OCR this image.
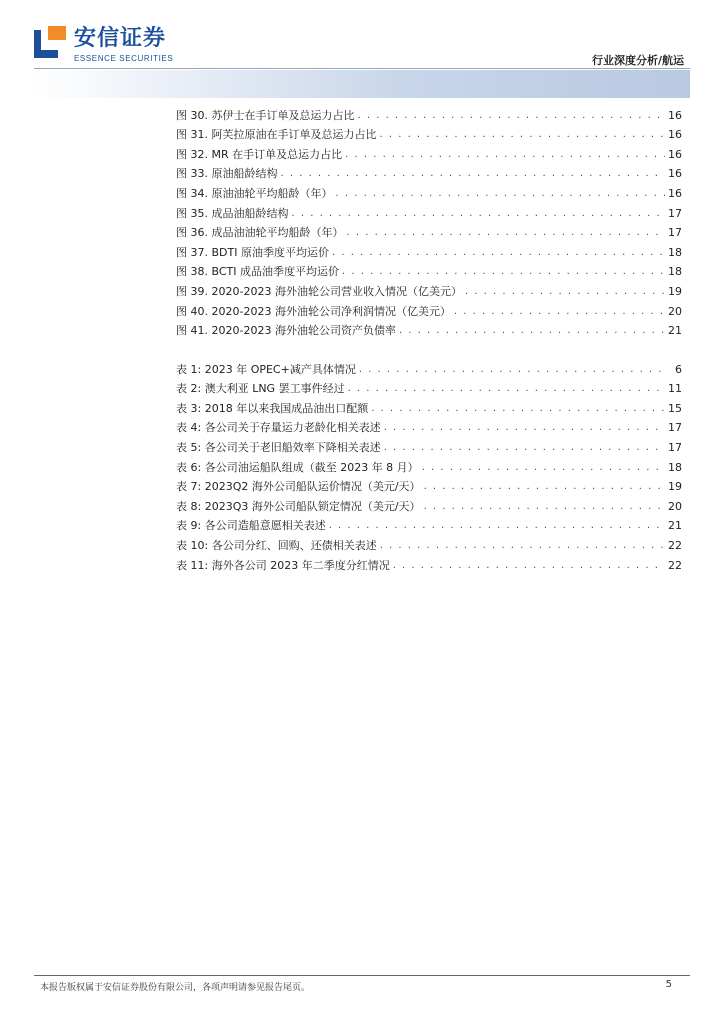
安信证券
ESSENCE SECURITIES	行业深度分析/航运
图 30. 苏伊士在手订单及总运力占比 . . .	16
图 31. 阿芙拉原油在手订单及总运力占比 . . .	16
图 32. MR 在手订单及总运力占比 . . .	16
图 33. 原油船龄结构 . . .	16
图 34. 原油油轮平均船龄（年） . . .	16
图 35. 成品油船龄结构 . . .	17
图 36. 成品油油轮平均船龄（年） . . .	17
图 37. BDTI 原油季度平均运价 . . .	18
图 38. BCTI 成品油季度平均运价 . . .	18
图 39. 2020-2023 海外油轮公司营业收入情况（亿美元） . . .	19
图 40. 2020-2023 海外油轮公司净利润情况（亿美元） . . .	20
图 41. 2020-2023 海外油轮公司资产负债率 . . .	21
表 1: 2023 年 OPEC+减产具体情况 . . .	6
表 2: 澳大利亚 LNG 罢工事件经过 . . .	11
表 3: 2018 年以来我国成品油出口配额 . . .	15
表 4: 各公司关于存量运力老龄化相关表述 . . .	17
表 5: 各公司关于老旧船效率下降相关表述 . . .	17
表 6: 各公司油运船队组成（截至 2023 年 8 月） . . .	18
表 7: 2023Q2 海外公司船队运价情况（美元/天） . . .	19
表 8: 2023Q3 海外公司船队锁定情况（美元/天） . . .	20
表 9: 各公司造船意愿相关表述 . . .	21
表 10: 各公司分红、回购、还债相关表述 . . .	22
表 11: 海外各公司 2023 年二季度分红情况 . . .	22
本报告版权属于安信证券股份有限公司，各项声明请参见报告尾页。	5
